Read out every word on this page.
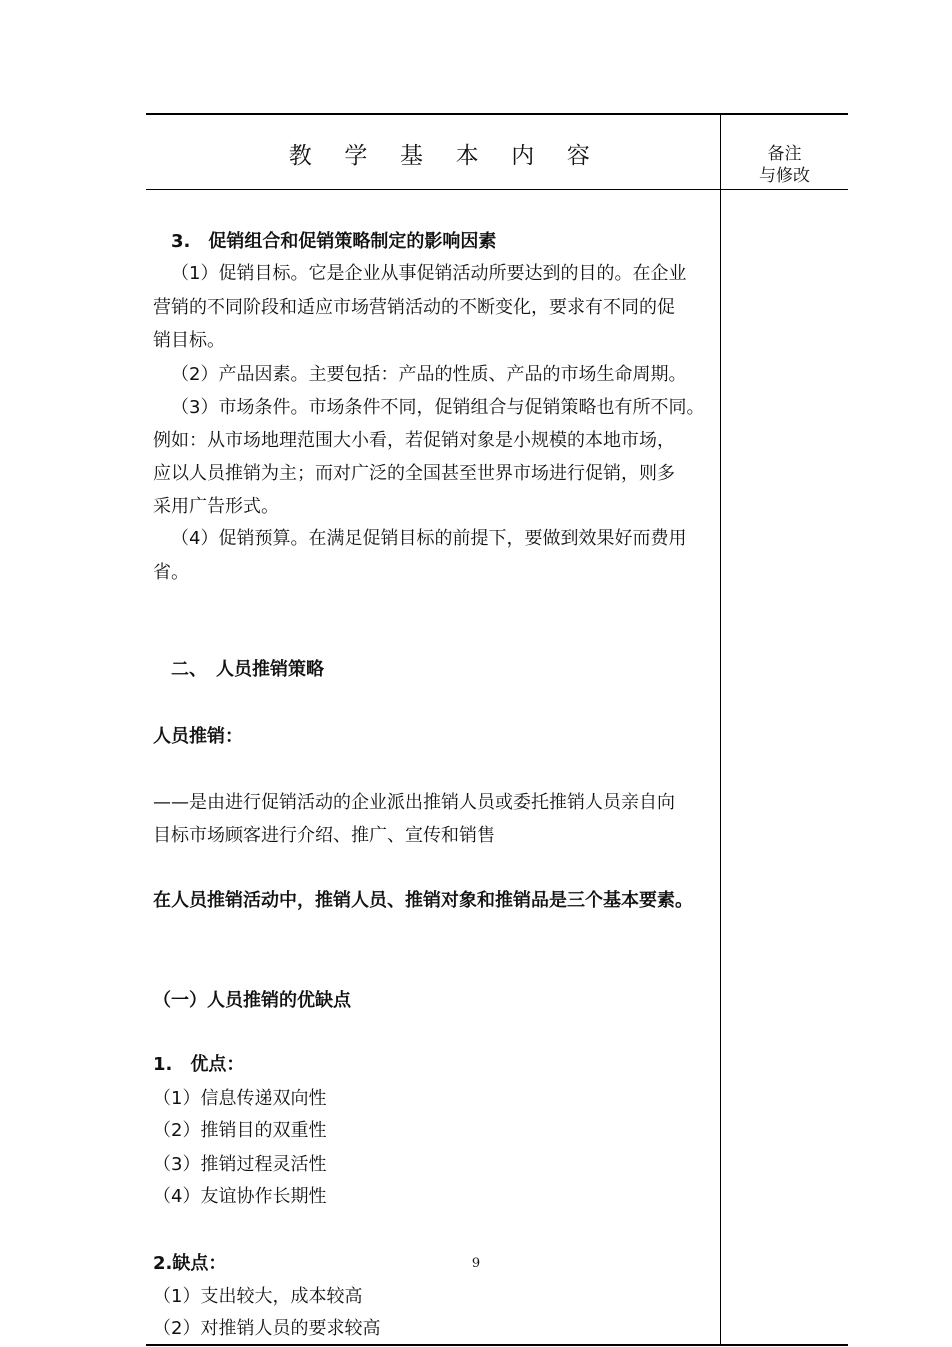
教 学 基 本 内 容	备注
与修改
3.　促销组合和促销策略制定的影响因素
（1）促销目标。它是企业从事促销活动所要达到的目的。在企业
营销的不同阶段和适应市场营销活动的不断变化，要求有不同的促
销目标。
（2）产品因素。主要包括：产品的性质、产品的市场生命周期。
（3）市场条件。市场条件不同，促销组合与促销策略也有所不同。
例如：从市场地理范围大小看，若促销对象是小规模的本地市场，
应以人员推销为主；而对广泛的全国甚至世界市场进行促销，则多
采用广告形式。
（4）促销预算。在满足促销目标的前提下，要做到效果好而费用
省。
二、　人员推销策略
人员推销：
——是由进行促销活动的企业派出推销人员或委托推销人员亲自向
目标市场顾客进行介绍、推广、宣传和销售
在人员推销活动中，推销人员、推销对象和推销品是三个基本要素。
（一）人员推销的优缺点
1.　优点：
（1）信息传递双向性
（2）推销目的双重性
（3）推销过程灵活性
（4）友谊协作长期性
2.缺点：
（1）支出较大，成本较高
（2）对推销人员的要求较高
9
